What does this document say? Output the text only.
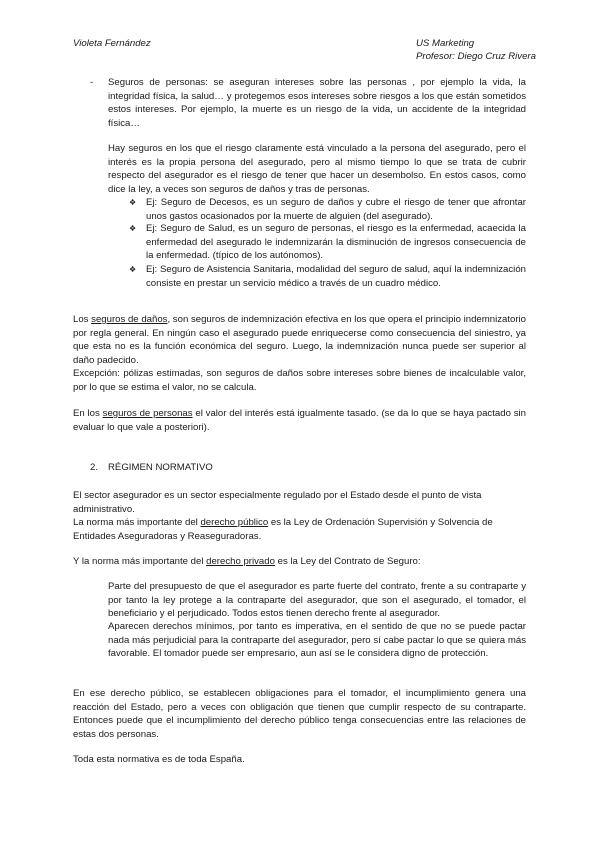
Violeta Fernández	US Marketing
Profesor: Diego Cruz Rivera
- Seguros de personas: se aseguran intereses sobre las personas , por ejemplo la vida, la integridad física, la salud… y protegemos esos intereses sobre riesgos a los que están sometidos estos intereses. Por ejemplo, la muerte es un riesgo de la vida, un accidente de la integridad física…
Hay seguros en los que el riesgo claramente está vinculado a la persona del asegurado, pero el interés es la propia persona del asegurado, pero al mismo tiempo lo que se trata de cubrir respecto del asegurador es el riesgo de tener que hacer un desembolso. En estos casos, como dice la ley, a veces son seguros de daños y tras de personas.
❖ Ej: Seguro de Decesos, es un seguro de daños y cubre el riesgo de tener que afrontar unos gastos ocasionados por la muerte de alguien (del asegurado).
❖ Ej: Seguro de Salud, es un seguro de personas, el riesgo es la enfermedad, acaecida la enfermedad del asegurado le indemnizarán la disminución de ingresos consecuencia de la enfermedad. (típico de los autónomos).
❖ Ej: Seguro de Asistencia Sanitaria, modalidad del seguro de salud, aquí la indemnización consiste en prestar un servicio médico a través de un cuadro médico.
Los seguros de daños, son seguros de indemnización efectiva en los que opera el principio indemnizatorio por regla general. En ningún caso el asegurado puede enriquecerse como consecuencia del siniestro, ya que esta no es la función económica del seguro. Luego, la indemnización nunca puede ser superior al daño padecido.
Excepción: pólizas estimadas, son seguros de daños sobre intereses sobre bienes de incalculable valor, por lo que se estima el valor, no se calcula.
En los seguros de personas el valor del interés está igualmente tasado. (se da lo que se haya pactado sin evaluar lo que vale a posteriori).
2. RÉGIMEN NORMATIVO
El sector asegurador es un sector especialmente regulado por el Estado desde el punto de vista administrativo.
La norma más importante del derecho público es la Ley de Ordenación Supervisión y Solvencia de Entidades Aseguradoras y Reaseguradoras.
Y la norma más importante del derecho privado es la Ley del Contrato de Seguro:
Parte del presupuesto de que el asegurador es parte fuerte del contrato, frente a su contraparte y por tanto la ley protege a la contraparte del asegurador, que son el asegurado, el tomador, el beneficiario y el perjudicado. Todos estos tienen derecho frente al asegurador.
Aparecen derechos mínimos, por tanto es imperativa, en el sentido de que no se puede pactar nada más perjudicial para la contraparte del asegurador, pero sí cabe pactar lo que se quiera más favorable. El tomador puede ser empresario, aun así se le considera digno de protección.
En ese derecho público, se establecen obligaciones para el tomador, el incumplimiento genera una reacción del Estado, pero a veces con obligación que tienen que cumplir respecto de su contraparte. Entonces puede que el incumplimiento del derecho público tenga consecuencias entre las relaciones de estas dos personas.
Toda esta normativa es de toda España.
